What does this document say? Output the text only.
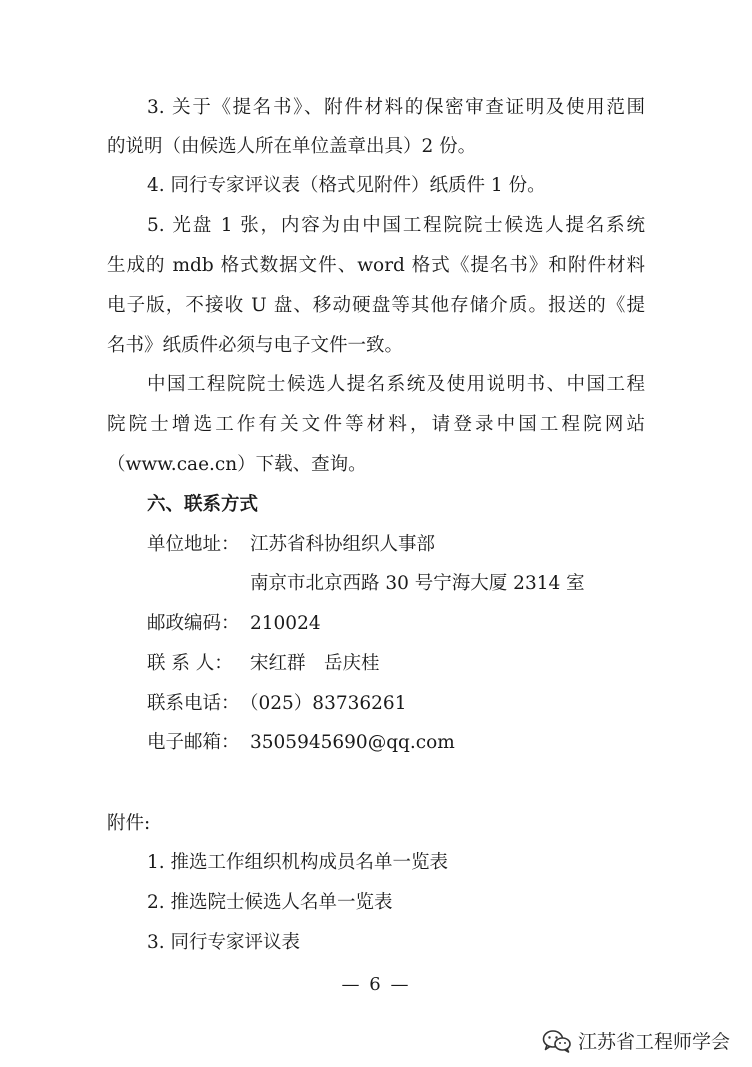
3. 关于《提名书》、附件材料的保密审查证明及使用范围
的说明（由候选人所在单位盖章出具）2 份。
4. 同行专家评议表（格式见附件）纸质件 1 份。
5. 光盘 1 张，内容为由中国工程院院士候选人提名系统
生成的 mdb 格式数据文件、word 格式《提名书》和附件材料
电子版，不接收 U 盘、移动硬盘等其他存储介质。报送的《提
名书》纸质件必须与电子文件一致。
中国工程院院士候选人提名系统及使用说明书、中国工程
院院士增选工作有关文件等材料，请登录中国工程院网站
（www.cae.cn）下载、查询。
六、联系方式
单位地址： 江苏省科协组织人事部
南京市北京西路 30 号宁海大厦 2314 室
邮政编码： 210024
联 系 人： 宋红群　岳庆桂
联系电话： （025）83736261
电子邮箱： 3505945690@qq.com
附件:
1. 推选工作组织机构成员名单一览表
2. 推选院士候选人名单一览表
3. 同行专家评议表
— 6 —
江苏省工程师学会
